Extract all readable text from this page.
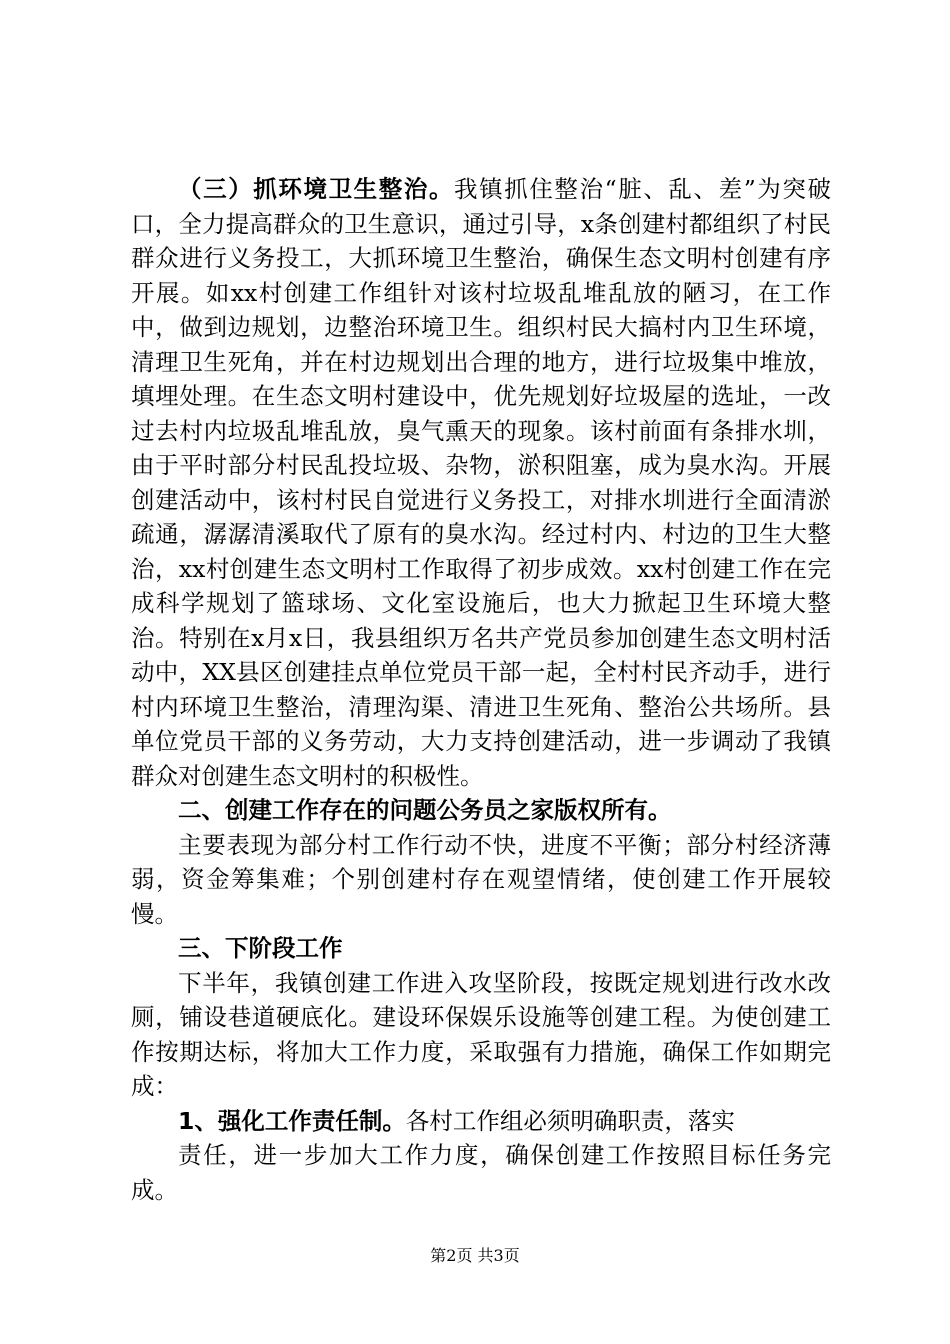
（三）抓环境卫生整治。我镇抓住整治“脏、乱、差”为突破口，全力提高群众的卫生意识，通过引导，x条创建村都组织了村民群众进行义务投工，大抓环境卫生整治，确保生态文明村创建有序开展。如xx村创建工作组针对该村垃圾乱堆乱放的陋习，在工作中，做到边规划，边整治环境卫生。组织村民大搞村内卫生环境，清理卫生死角，并在村边规划出合理的地方，进行垃圾集中堆放，填埋处理。在生态文明村建设中，优先规划好垃圾屋的选址，一改过去村内垃圾乱堆乱放，臭气熏天的现象。该村前面有条排水圳，由于平时部分村民乱投垃圾、杂物，淤积阻塞，成为臭水沟。开展创建活动中，该村村民自觉进行义务投工，对排水圳进行全面清淤疏通，潺潺清溪取代了原有的臭水沟。经过村内、村边的卫生大整治，xx村创建生态文明村工作取得了初步成效。xx村创建工作在完成科学规划了篮球场、文化室设施后，也大力掀起卫生环境大整治。特别在x月x日，我县组织万名共产党员参加创建生态文明村活动中，XX县区创建挂点单位党员干部一起，全村村民齐动手，进行村内环境卫生整治，清理沟渠、清进卫生死角、整治公共场所。县单位党员干部的义务劳动，大力支持创建活动，进一步调动了我镇群众对创建生态文明村的积极性。

二、创建工作存在的问题公务员之家版权所有。

主要表现为部分村工作行动不快，进度不平衡；部分村经济薄弱，资金筹集难；个别创建村存在观望情绪，使创建工作开展较慢。

三、下阶段工作

下半年，我镇创建工作进入攻坚阶段，按既定规划进行改水改厕，铺设巷道硬底化。建设环保娱乐设施等创建工程。为使创建工作按期达标，将加大工作力度，采取强有力措施，确保工作如期完成：

1、强化工作责任制。各村工作组必须明确职责，落实

责任，进一步加大工作力度，确保创建工作按照目标任务完成。

第2页 共3页
